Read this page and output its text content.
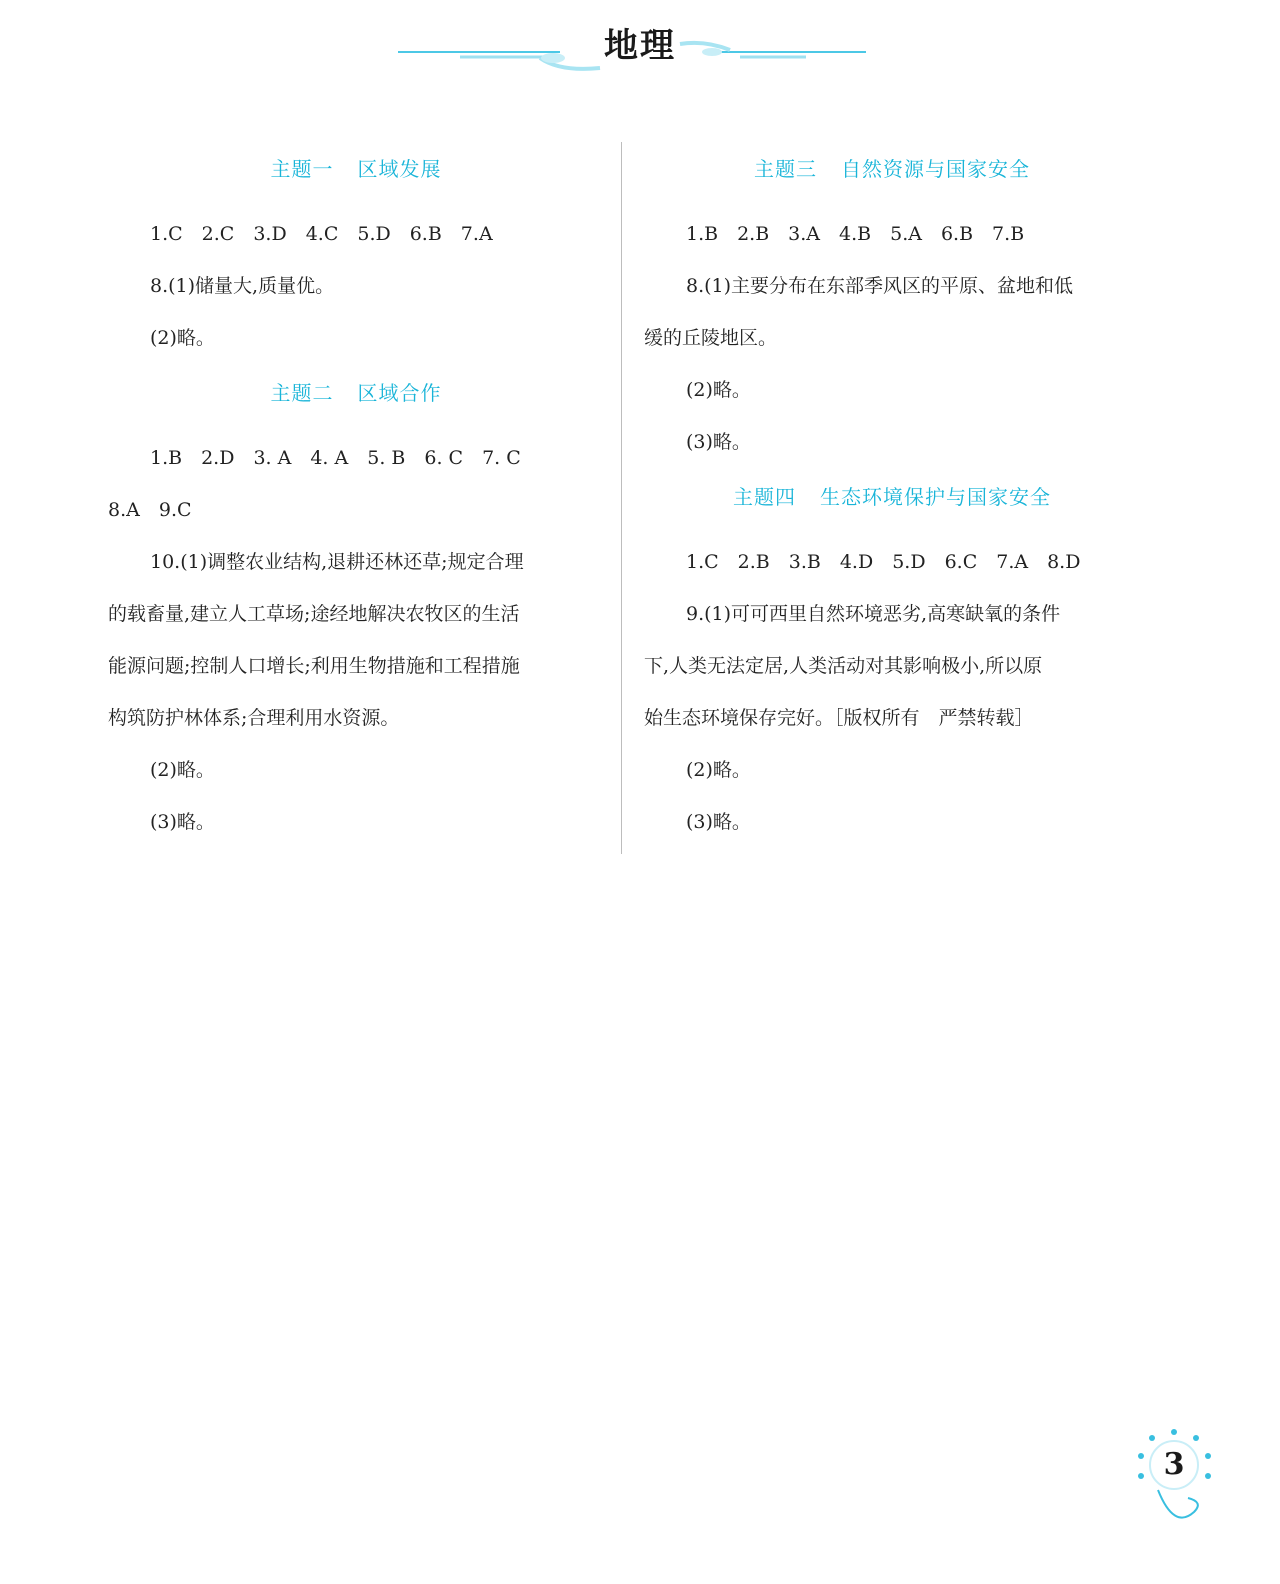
地理
主题一 区域发展

1.C　2.C　3.D　4.C　5.D　6.B　7.A

8.(1)储量大,质量优。

(2)略。

主题二 区域合作

1.B　2.D　3. A　4. A　5. B　6. C　7. C

8.A　9.C

10.(1)调整农业结构,退耕还林还草;规定合理

的载畜量,建立人工草场;途经地解决农牧区的生活

能源问题;控制人口增长;利用生物措施和工程措施

构筑防护林体系;合理利用水资源。

(2)略。

(3)略。

主题三 自然资源与国家安全

1.B　2.B　3.A　4.B　5.A　6.B　7.B

8.(1)主要分布在东部季风区的平原、盆地和低

缓的丘陵地区。

(2)略。

(3)略。

主题四 生态环境保护与国家安全

1.C　2.B　3.B　4.D　5.D　6.C　7.A　8.D

9.(1)可可西里自然环境恶劣,高寒缺氧的条件

下,人类无法定居,人类活动对其影响极小,所以原

始生态环境保存完好。［版权所有　严禁转载］

(2)略。

(3)略。

3
